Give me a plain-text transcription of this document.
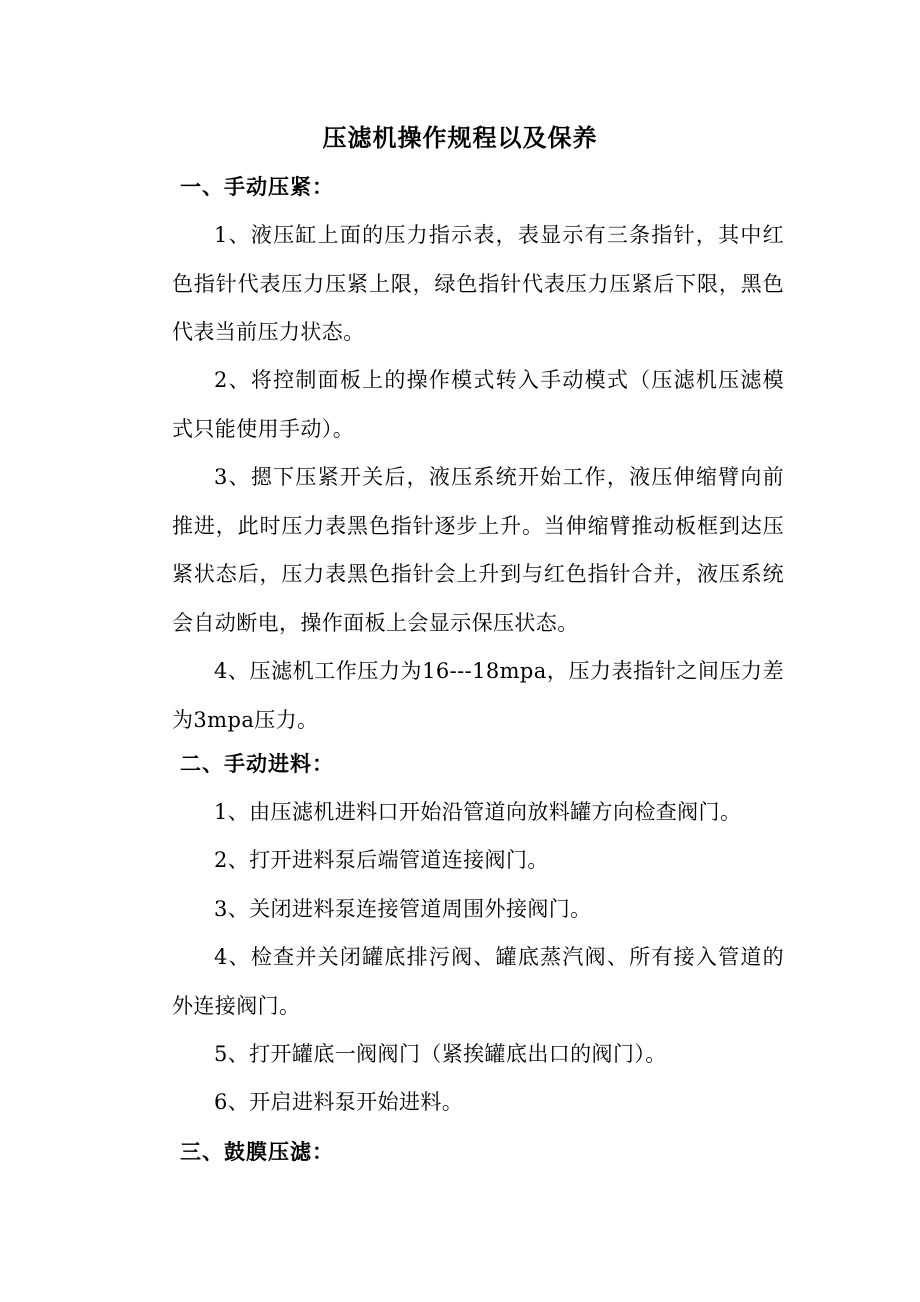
压滤机操作规程以及保养
一、手动压紧：
1、液压缸上面的压力指示表，表显示有三条指针，其中红色指针代表压力压紧上限，绿色指针代表压力压紧后下限，黑色代表当前压力状态。
2、将控制面板上的操作模式转入手动模式（压滤机压滤模式只能使用手动）。
3、摁下压紧开关后，液压系统开始工作，液压伸缩臂向前推进，此时压力表黑色指针逐步上升。当伸缩臂推动板框到达压紧状态后，压力表黑色指针会上升到与红色指针合并，液压系统会自动断电，操作面板上会显示保压状态。
4、压滤机工作压力为16---18mpa，压力表指针之间压力差为3mpa压力。
二、手动进料：
1、由压滤机进料口开始沿管道向放料罐方向检查阀门。
2、打开进料泵后端管道连接阀门。
3、关闭进料泵连接管道周围外接阀门。
4、检查并关闭罐底排污阀、罐底蒸汽阀、所有接入管道的外连接阀门。
5、打开罐底一阀阀门（紧挨罐底出口的阀门）。
6、开启进料泵开始进料。
三、鼓膜压滤：
